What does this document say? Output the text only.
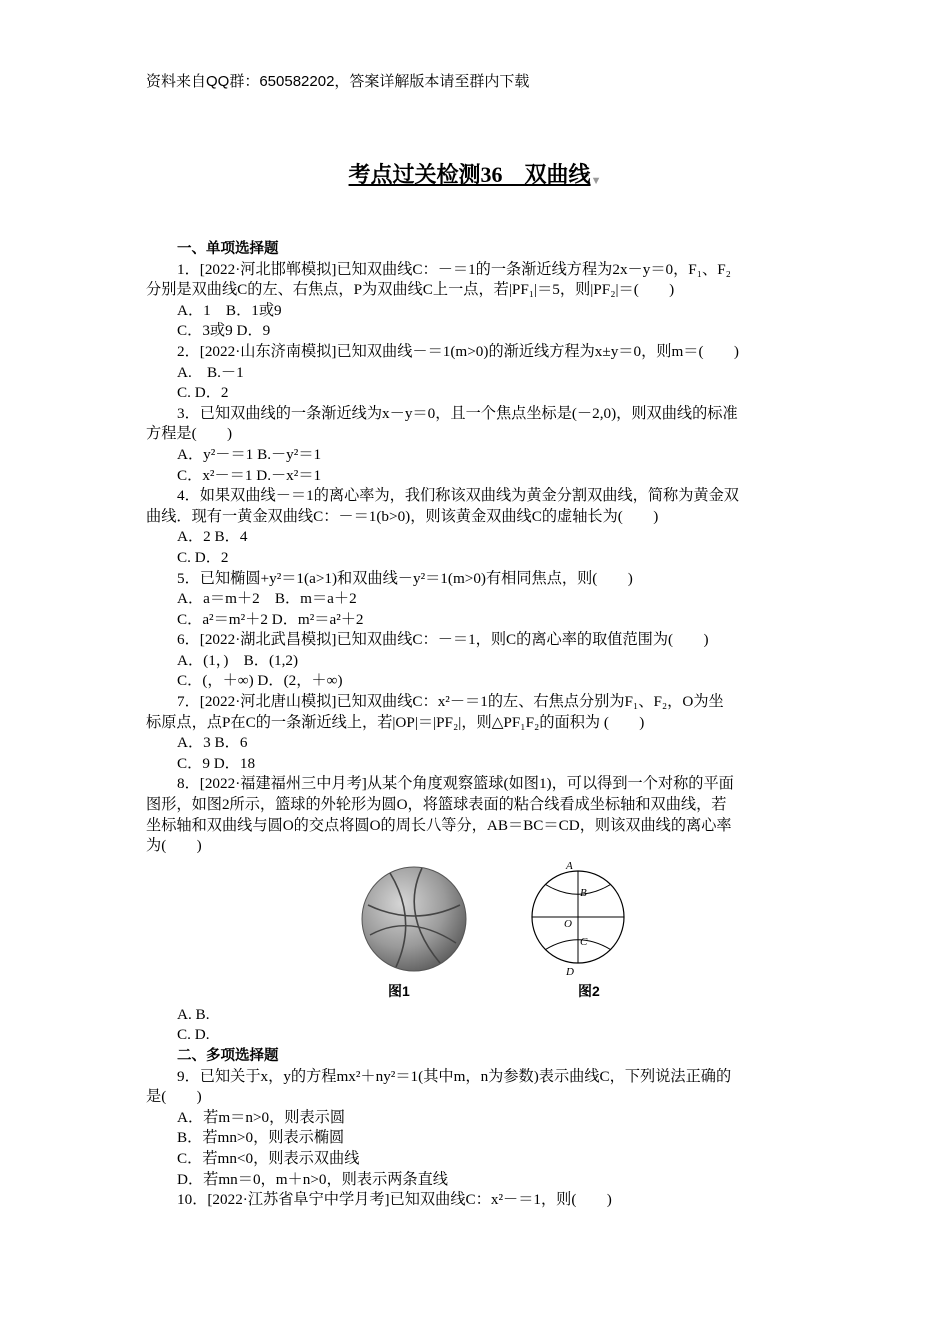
资料来自QQ群：650582202，答案详解版本请至群内下载
考点过关检测36　双曲线▼
一、单项选择题
1．[2022·河北邯郸模拟]已知双曲线C：－＝1的一条渐近线方程为2x－y＝0，F₁、F₂
分别是双曲线C的左、右焦点，P为双曲线C上一点，若|PF₁|＝5，则|PF₂|＝(　　)
A．1　B．1或9
C．3或9 D．9
2．[2022·山东济南模拟]已知双曲线－＝1(m>0)的渐近线方程为x±y＝0，则m＝(　　)
A.　B.－1
C. D．2
3．已知双曲线的一条渐近线为x－y＝0，且一个焦点坐标是(－2,0)，则双曲线的标准
方程是(　　)
A．y²－＝1 B.－y²＝1
C．x²－＝1 D.－x²＝1
4．如果双曲线－＝1的离心率为，我们称该双曲线为黄金分割双曲线，简称为黄金双
曲线．现有一黄金双曲线C：－＝1(b>0)，则该黄金双曲线C的虚轴长为(　　)
A．2 B．4
C. D．2
5．已知椭圆+y²＝1(a>1)和双曲线－y²＝1(m>0)有相同焦点，则(　　)
A．a＝m＋2　B．m＝a＋2
C．a²＝m²＋2 D．m²＝a²＋2
6．[2022·湖北武昌模拟]已知双曲线C：－＝1，则C的离心率的取值范围为(　　)
A．(1，)　B．(1,2)
C．(，＋∞) D．(2，＋∞)
7．[2022·河北唐山模拟]已知双曲线C：x²－＝1的左、右焦点分别为F₁、F₂，O为坐
标原点，点P在C的一条渐近线上，若|OP|＝|PF₂|，则△PF₁F₂的面积为 (　　)
A．3 B．6
C．9 D．18
8．[2022·福建福州三中月考]从某个角度观察篮球(如图1)，可以得到一个对称的平面
图形，如图2所示，篮球的外轮形为圆O，将篮球表面的粘合线看成坐标轴和双曲线，若
坐标轴和双曲线与圆O的交点将圆O的周长八等分，AB＝BC＝CD，则该双曲线的离心率
为(　　)
图1
A
B
O
C
D
图2
A. B.
C. D.
二、多项选择题
9．已知关于x，y的方程mx²＋ny²＝1(其中m，n为参数)表示曲线C，下列说法正确的
是(　　)
A．若m＝n>0，则表示圆
B．若mn>0，则表示椭圆
C．若mn<0，则表示双曲线
D．若mn＝0，m＋n>0，则表示两条直线
10．[2022·江苏省阜宁中学月考]已知双曲线C：x²－＝1，则(　　)
